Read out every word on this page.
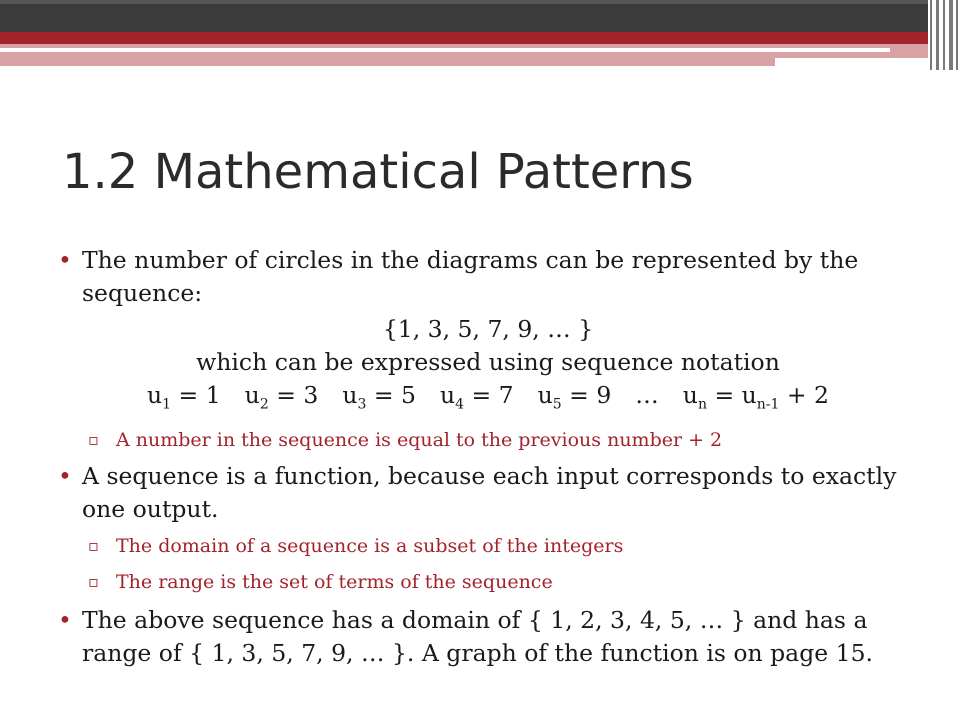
1.2 Mathematical Patterns
• The number of circles in the diagrams can be represented by the sequence:
{1, 3, 5, 7, 9, … }
which can be expressed using sequence notation
$u_1 = 1$ $u_2 = 3$ $u_3 = 5$ $u_4 = 7$ $u_5 = 9$ … $u_n = u_{n-1} + 2$
▫ A number in the sequence is equal to the previous number + 2
• A sequence is a function, because each input corresponds to exactly one output.
▫ The domain of a sequence is a subset of the integers
▫ The range is the set of terms of the sequence
• The above sequence has a domain of { 1, 2, 3, 4, 5, … } and has a range of { 1, 3, 5, 7, 9, … }. A graph of the function is on page 15.
